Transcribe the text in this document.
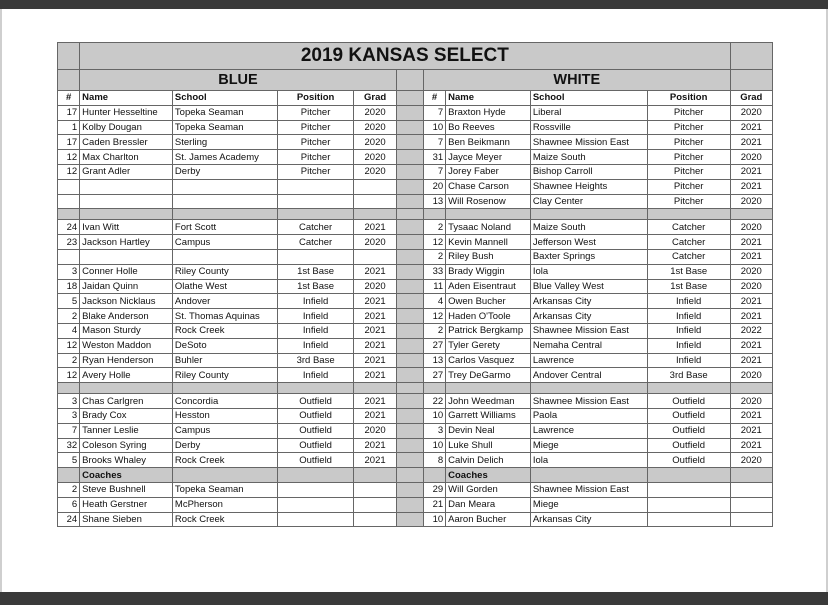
	2019 KANSAS SELECT									
	BLUE					WHITE				
#	Name	School	Position	Grad		#	Name	School	Position	Grad
17	Hunter Hesseltine	Topeka Seaman	Pitcher	2020		7	Braxton Hyde	Liberal	Pitcher	2020
1	Kolby Dougan	Topeka Seaman	Pitcher	2020		10	Bo Reeves	Rossville	Pitcher	2021
17	Caden Bressler	Sterling	Pitcher	2020		7	Ben Beikmann	Shawnee Mission East	Pitcher	2021
12	Max Charlton	St. James Academy	Pitcher	2020		31	Jayce Meyer	Maize South	Pitcher	2020
12	Grant Adler	Derby	Pitcher	2020		7	Jorey Faber	Bishop Carroll	Pitcher	2021
						20	Chase Carson	Shawnee Heights	Pitcher	2021
						13	Will Rosenow	Clay Center	Pitcher	2020

24	Ivan Witt	Fort Scott	Catcher	2021		2	Tysaac Noland	Maize South	Catcher	2020
23	Jackson Hartley	Campus	Catcher	2020		12	Kevin Mannell	Jefferson West	Catcher	2021
						2	Riley Bush	Baxter Springs	Catcher	2021
3	Conner Holle	Riley County	1st Base	2021		33	Brady Wiggin	Iola	1st Base	2020
18	Jaidan Quinn	Olathe West	1st Base	2020		11	Aden Eisentraut	Blue Valley West	1st Base	2020
5	Jackson Nicklaus	Andover	Infield	2021		4	Owen Bucher	Arkansas City	Infield	2021
2	Blake Anderson	St. Thomas Aquinas	Infield	2021		12	Haden O'Toole	Arkansas City	Infield	2021
4	Mason Sturdy	Rock Creek	Infield	2021		2	Patrick Bergkamp	Shawnee Mission East	Infield	2022
12	Weston Maddon	DeSoto	Infield	2021		27	Tyler Gerety	Nemaha Central	Infield	2021
2	Ryan Henderson	Buhler	3rd Base	2021		13	Carlos Vasquez	Lawrence	Infield	2021
12	Avery Holle	Riley County	Infield	2021		27	Trey DeGarmo	Andover Central	3rd Base	2020

3	Chas Carlgren	Concordia	Outfield	2021		22	John Weedman	Shawnee Mission East	Outfield	2020
3	Brady Cox	Hesston	Outfield	2021		10	Garrett Williams	Paola	Outfield	2021
7	Tanner Leslie	Campus	Outfield	2020		3	Devin Neal	Lawrence	Outfield	2021
32	Coleson Syring	Derby	Outfield	2021		10	Luke Shull	Miege	Outfield	2021
5	Brooks Whaley	Rock Creek	Outfield	2021		8	Calvin Delich	Iola	Outfield	2020
	Coaches						Coaches			
2	Steve Bushnell	Topeka Seaman				29	Will Gorden	Shawnee Mission East		
6	Heath Gerstner	McPherson				21	Dan Meara	Miege		
24	Shane Sieben	Rock Creek				10	Aaron Bucher	Arkansas City		
